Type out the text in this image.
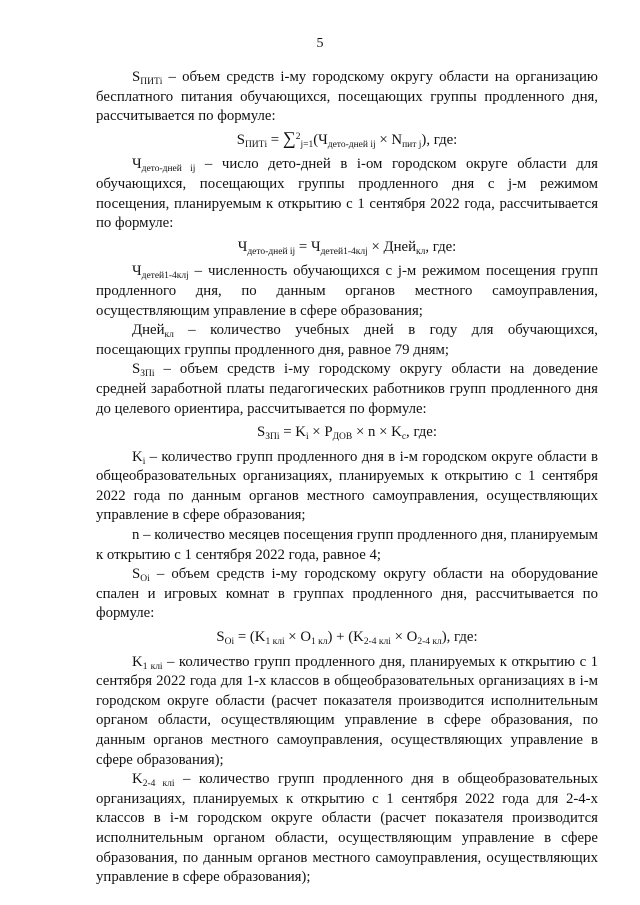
5

$S_{ПИТi}$ – объем средств i-му городскому округу области на организацию бесплатного питания обучающихся, посещающих группы продленного дня, рассчитывается по формуле:

$S_{ПИТi} = \sum^2_{j=1}(Ч_{дето-дней ij} \times N_{пит j})$, где:

$Ч_{дето-дней ij}$ – число дето-дней в i-ом городском округе области для обучающихся, посещающих группы продленного дня с j-м режимом посещения, планируемым к открытию с 1 сентября 2022 года, рассчитывается по формуле:

$Ч_{дето-дней ij} = Ч_{детей1-4клj}$ × Дней$_{кл}$, где:

$Ч_{детей1-4клj}$ – численность обучающихся с j-м режимом посещения групп продленного дня, по данным органов местного самоуправления, осуществляющим управление в сфере образования;

Дней$_{кл}$ – количество учебных дней в году для обучающихся, посещающих группы продленного дня, равное 79 дням;

$S_{ЗПi}$ – объем средств i-му городскому округу области на доведение средней заработной платы педагогических работников групп продленного дня до целевого ориентира, рассчитывается по формуле:

$S_{ЗПi} = K_i \times P_{ДОВ} \times n \times K_c$, где:

$K_i$ – количество групп продленного дня в i-м городском округе области в общеобразовательных организациях, планируемых к открытию с 1 сентября 2022 года по данным органов местного самоуправления, осуществляющих управление в сфере образования;

n – количество месяцев посещения групп продленного дня, планируемым к открытию с 1 сентября 2022 года, равное 4;

$S_{Oi}$ – объем средств i-му городскому округу области на оборудование спален и игровых комнат в группах продленного дня, рассчитывается по формуле:

$S_{Oi} = (K_{1 клi} \times O_{1 кл}) + (K_{2-4 клi} \times O_{2-4 кл})$, где:

$K_{1 клi}$ – количество групп продленного дня, планируемых к открытию с 1 сентября 2022 года для 1-х классов в общеобразовательных организациях в i-м городском округе области (расчет показателя производится исполнительным органом области, осуществляющим управление в сфере образования, по данным органов местного самоуправления, осуществляющих управление в сфере образования);

$K_{2-4 клi}$ – количество групп продленного дня в общеобразовательных организациях, планируемых к открытию с 1 сентября 2022 года для 2-4-х классов в i-м городском округе области (расчет показателя производится исполнительным органом области, осуществляющим управление в сфере образования, по данным органов местного самоуправления, осуществляющих управление в сфере образования);
